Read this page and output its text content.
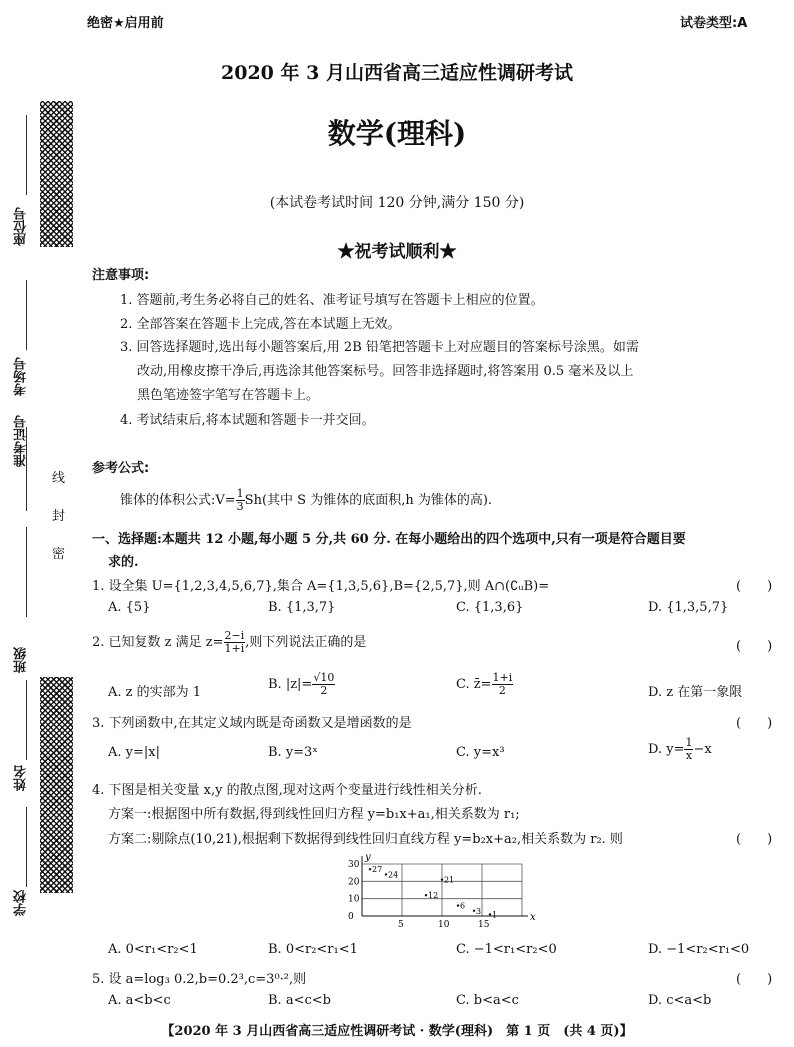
绝密★启用前	试卷类型:A
2020 年 3 月山西省高三适应性调研考试
数学(理科)
(本试卷考试时间 120 分钟,满分 150 分)
★祝考试顺利★
座位号
考场号
准考证号
班级
姓名
学校
密
封
线
注意事项:
1. 答题前,考生务必将自己的姓名、准考证号填写在答题卡上相应的位置。
2. 全部答案在答题卡上完成,答在本试题上无效。
3. 回答选择题时,选出每小题答案后,用 2B 铅笔把答题卡上对应题目的答案标号涂黑。如需
改动,用橡皮擦干净后,再选涂其他答案标号。回答非选择题时,将答案用 0.5 毫米及以上
黑色笔迹签字笔写在答题卡上。
4. 考试结束后,将本试题和答题卡一并交回。
参考公式:
锥体的体积公式:V= $\frac{1}{3} Sh$(其中 S 为锥体的底面积,h 为锥体的高).
一、选择题:本题共 12 小题,每小题 5 分,共 60 分. 在每小题给出的四个选项中,只有一项是符合题目要
求的.
1. 设全集 U={1,2,3,4,5,6,7},集合 A={1,3,5,6},B={2,5,7},则 A∩(∁ᵤB)=	(　　)
A. {5}	B. {1,3,7}	C. {1,3,6}	D. {1,3,5,7}
2. 已知复数 z 满足 $z= \frac{2-i}{1+i}$ ,则下列说法正确的是	(　　)
A. z 的实部为 1
B. $|z|= \frac{√10}{2}$	C. z̄= $\frac{1+i}{2}$	D. z 在第一象限
3. 下列函数中,在其定义域内既是奇函数又是增函数的是	(　　)
A. y=|x|	B. y=3ˣ	C. y=x³	D. $y= \frac{1}{x} -x$
4. 下图是相关变量 x,y 的散点图,现对这两个变量进行线性相关分析.
方案一:根据图中所有数据,得到线性回归方程 y=b₁x+a₁,相关系数为 r₁;
方案二:剔除点(10,21),根据剩下数据得到线性回归直线方程 y=b₂x+a₂,相关系数为 r₂. 则	(　　)
x
y
5	10	15
30
20
10
0
27
24
12
21
6
3 1
A. 0<r₁<r₂<1	B. 0<r₂<r₁<1	C. −1<r₁<r₂<0	D. −1<r₂<r₁<0
5. 设 a=log₃ 0.2,b=0.2³,c=3⁰·²,则	(　　)
A. a<b<c	B. a<c<b	C. b<a<c	D. c<a<b
【2020 年 3 月山西省高三适应性调研考试 · 数学(理科)　第 1 页　(共 4 页)】
